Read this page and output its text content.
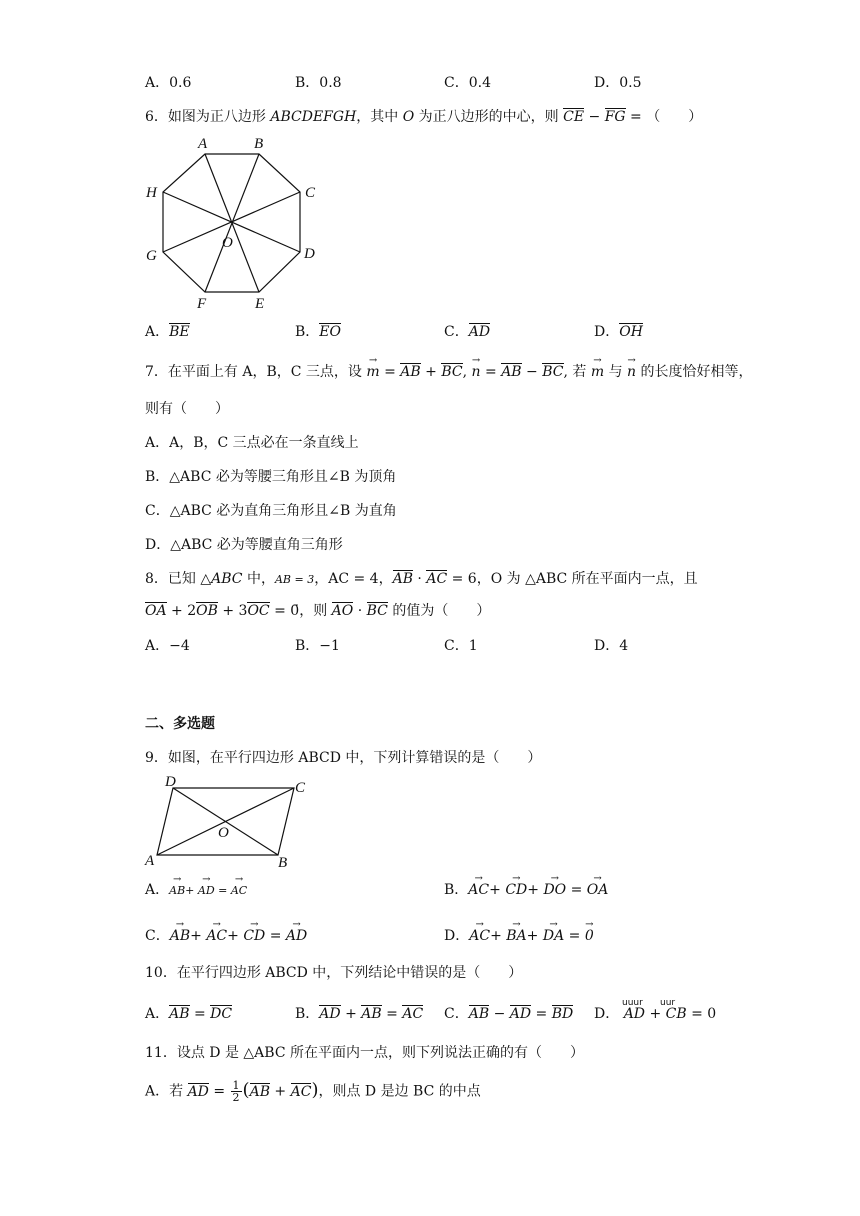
A．0.6	B．0.8	C．0.4	D．0.5
6．如图为正八边形 ABCDEFGH，其中 O 为正八边形的中心，则 CE − FG = （　　）
A	B
C
D
E
F
G
H
O
A．BE	B．EO	C．AD	D．OH
7．在平面上有 A，B，C 三点，设 → m = AB + BC, → n = AB − BC, 若 → m 与 → n 的长度恰好相等，
则有（　　）
A．A，B，C 三点必在一条直线上
B．△ABC 必为等腰三角形且∠B 为顶角
C．△ABC 必为直角三角形且∠B 为直角
D．△ABC 必为等腰直角三角形
8．已知 △ABC 中，AB = 3，AC = 4，AB · AC = 6，O 为 △ABC 所在平面内一点，且
OA + 2OB + 3OC = 0̄，则 AO · BC 的值为（　　）
A．−4	B．−1	C．1	D．4
二、多选题
9．如图，在平行四边形 ABCD 中，下列计算错误的是（　　）
A	B
C
D
O
A．→ AB+ → AD = → AC	B．→ AC+ → CD+ → DO = → OA
C．→ AB+ → AC+ → CD = → AD	D．→ AC+ → BA+ → DA = → 0
10．在平行四边形 ABCD 中，下列结论中错误的是（　　）
A．AB = DC	B．AD + AB = AC C．AB − AD = BD D．
uuur uur
AD + CB = 0
11．设点 D 是 △ABC 所在平面内一点，则下列说法正确的有（　　）
A．若 AD = $\frac{1}{2} (AB + AC)$，则点 D 是边 BC 的中点
